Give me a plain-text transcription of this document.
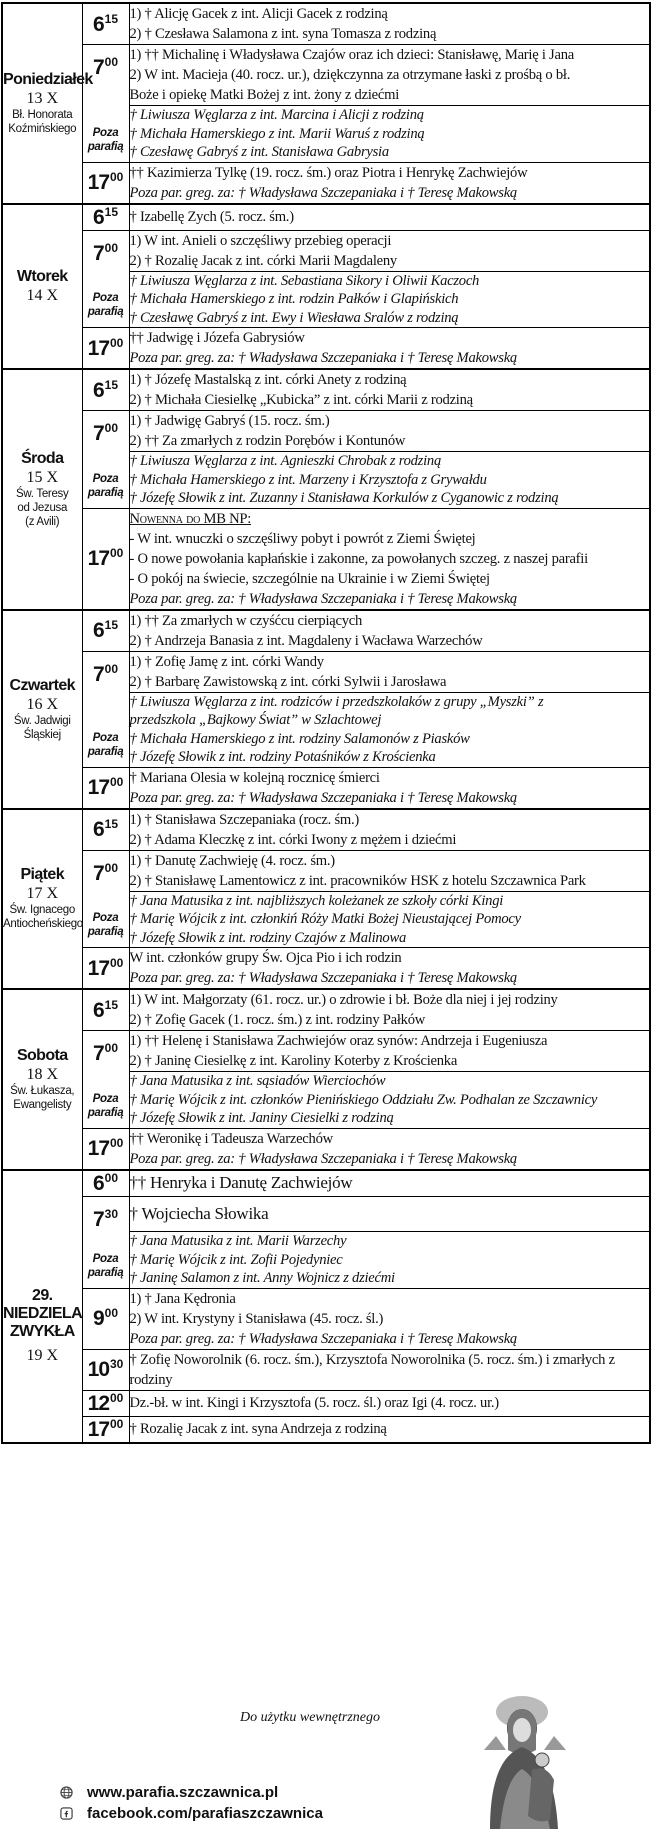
Poniedziałek
13 X
Bł. Honorata
Koźmińskiego	$6^{15}$	1) † Alicję Gacek z int. Alicji Gacek z rodziną
2) † Czesława Salamona z int. syna Tomasza z rodziną

	$7^{00}$	1) †† Michalinę i Władysława Czajów oraz ich dzieci: Stanisławę, Marię i Jana
2) W int. Macieja (40. rocz. ur.), dziękczynna za otrzymane łaski z prośbą o bł.
Boże i opiekę Matki Bożej z int. żony z dziećmi

	Poza
parafią	† Liwiusza Węglarza z int. Marcina i Alicji z rodziną
† Michała Hamerskiego z int. Marii Waruś z rodziną
† Czesławę Gabryś z int. Stanisława Gabrysia

	$17^{00}$	†† Kazimierza Tylkę (19. rocz. śm.) oraz Piotra i Henrykę Zachwiejów
Poza par. greg. za: † Władysława Szczepaniaka i † Teresę Makowską

Wtorek
14 X	$6^{15}$	† Izabellę Zych (5. rocz. śm.)

	$7^{00}$	1) W int. Anieli o szczęśliwy przebieg operacji
2) † Rozalię Jacak z int. córki Marii Magdaleny

	Poza
parafią	† Liwiusza Węglarza z int. Sebastiana Sikory i Oliwii Kaczoch
† Michała Hamerskiego z int. rodzin Pałków i Glapińskich
† Czesławę Gabryś z int. Ewy i Wiesława Sralów z rodziną

	$17^{00}$	†† Jadwigę i Józefa Gabrysiów
Poza par. greg. za: † Władysława Szczepaniaka i † Teresę Makowską

Środa
15 X
Św. Teresy
od Jezusa
(z Avili)	$6^{15}$	1) † Józefę Mastalską z int. córki Anety z rodziną
2) † Michała Ciesielkę „Kubicka” z int. córki Marii z rodziną

	$7^{00}$	1) † Jadwigę Gabryś (15. rocz. śm.)
2) †† Za zmarłych z rodzin Porębów i Kontunów

	Poza
parafią	† Liwiusza Węglarza z int. Agnieszki Chrobak z rodziną
† Michała Hamerskiego z int. Marzeny i Krzysztofa z Grywałdu
† Józefę Słowik z int. Zuzanny i Stanisława Korkulów z Cyganowic z rodziną

	$17^{00}$	Nowenna do MB NP:
- W int. wnuczki o szczęśliwy pobyt i powrót z Ziemi Świętej
- O nowe powołania kapłańskie i zakonne, za powołanych szczeg. z naszej parafii
- O pokój na świecie, szczególnie na Ukrainie i w Ziemi Świętej
Poza par. greg. za: † Władysława Szczepaniaka i † Teresę Makowską

Czwartek
16 X
Św. Jadwigi
Śląskiej	$6^{15}$	1) †† Za zmarłych w czyśćcu cierpiących
2) † Andrzeja Banasia z int. Magdaleny i Wacława Warzechów

	$7^{00}$	1) † Zofię Jamę z int. córki Wandy
2) † Barbarę Zawistowską z int. córki Sylwii i Jarosława

	Poza
parafią	† Liwiusza Węglarza z int. rodziców i przedszkolaków z grupy „Myszki” z
przedszkola „Bajkowy Świat” w Szlachtowej
† Michała Hamerskiego z int. rodziny Salamonów z Piasków
† Józefę Słowik z int. rodziny Potaśników z Krościenka

	$17^{00}$	† Mariana Olesia w kolejną rocznicę śmierci
Poza par. greg. za: † Władysława Szczepaniaka i † Teresę Makowską

Piątek
17 X
Św. Ignacego
Antiocheńskiego	$6^{15}$	1) † Stanisława Szczepaniaka (rocz. śm.)
2) † Adama Kleczkę z int. córki Iwony z mężem i dziećmi

	$7^{00}$	1) † Danutę Zachwieję (4. rocz. śm.)
2) † Stanisławę Lamentowicz z int. pracowników HSK z hotelu Szczawnica Park

	Poza
parafią	† Jana Matusika z int. najbliższych koleżanek ze szkoły córki Kingi
† Marię Wójcik z int. członkiń Róży Matki Bożej Nieustającej Pomocy
† Józefę Słowik z int. rodziny Czajów z Malinowa

	$17^{00}$	W int. członków grupy Św. Ojca Pio i ich rodzin
Poza par. greg. za: † Władysława Szczepaniaka i † Teresę Makowską

Sobota
18 X
Św. Łukasza,
Ewangelisty	$6^{15}$	1) W int. Małgorzaty (61. rocz. ur.) o zdrowie i bł. Boże dla niej i jej rodziny
2) † Zofię Gacek (1. rocz. śm.) z int. rodziny Pałków

	$7^{00}$	1) †† Helenę i Stanisława Zachwiejów oraz synów: Andrzeja i Eugeniusza
2) † Janinę Ciesielkę z int. Karoliny Koterby z Krościenka

	Poza
parafią	† Jana Matusika z int. sąsiadów Wierciochów
† Marię Wójcik z int. członków Pienińskiego Oddziału Zw. Podhalan ze Szczawnicy
† Józefę Słowik z int. Janiny Ciesielki z rodziną

	$17^{00}$	†† Weronikę i Tadeusza Warzechów
Poza par. greg. za: † Władysława Szczepaniaka i † Teresę Makowską

29.
NIEDZIELA
ZWYKŁA
19 X	$6^{00}$	†† Henryka i Danutę Zachwiejów

	$7^{30}$	† Wojciecha Słowika

	Poza
parafią	† Jana Matusika z int. Marii Warzechy
† Marię Wójcik z int. Zofii Pojedyniec
† Janinę Salamon z int. Anny Wojnicz z dziećmi

	$9^{00}$	1) † Jana Kędronia
2) W int. Krystyny i Stanisława (45. rocz. śl.)
Poza par. greg. za: † Władysława Szczepaniaka i † Teresę Makowską

	$10^{30}$	† Zofię Noworolnik (6. rocz. śm.), Krzysztofa Noworolnika (5. rocz. śm.) i zmarłych z rodziny

	$12^{00}$	Dz.-bł. w int. Kingi i Krzysztofa (5. rocz. śl.) oraz Igi (4. rocz. ur.)

	$17^{00}$	† Rozalię Jacak z int. syna Andrzeja z rodziną
Do użytku wewnętrznego
www.parafia.szczawnica.pl
facebook.com/parafiaszczawnica
